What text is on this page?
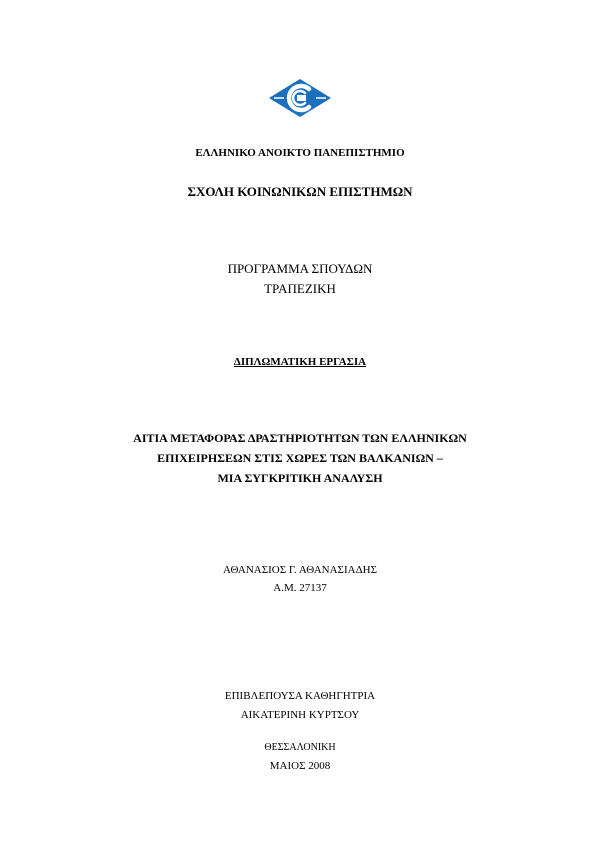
ΕΛΛΗΝΙΚΟ ΑΝΟΙΚΤΟ ΠΑΝΕΠΙΣΤΗΜΙΟ
ΣΧΟΛΗ ΚΟΙΝΩΝΙΚΩΝ ΕΠΙΣΤΗΜΩΝ
ΠΡΟΓΡΑΜΜΑ ΣΠΟΥΔΩΝ
ΤΡΑΠΕΖΙΚΗ
ΔΙΠΛΩΜΑΤΙΚΗ ΕΡΓΑΣΙΑ
ΑΙΤΙΑ ΜΕΤΑΦΟΡΑΣ ΔΡΑΣΤΗΡΙΟΤΗΤΩΝ ΤΩΝ ΕΛΛΗΝΙΚΩΝ
ΕΠΙΧΕΙΡΗΣΕΩΝ ΣΤΙΣ ΧΩΡΕΣ ΤΩΝ ΒΑΛΚΑΝΙΩΝ –
ΜΙΑ ΣΥΓΚΡΙΤΙΚΗ ΑΝΑΛΥΣΗ
ΑΘΑΝΑΣΙΟΣ Γ. ΑΘΑΝΑΣΙΑΔΗΣ
Α.Μ. 27137
ΕΠΙΒΛΕΠΟΥΣΑ ΚΑΘΗΓΗΤΡΙΑ
ΑΙΚΑΤΕΡΙΝΗ ΚΥΡΤΣΟΥ
ΘΕΣΣΑΛΟΝΙΚΗ
ΜΑΙΟΣ 2008
